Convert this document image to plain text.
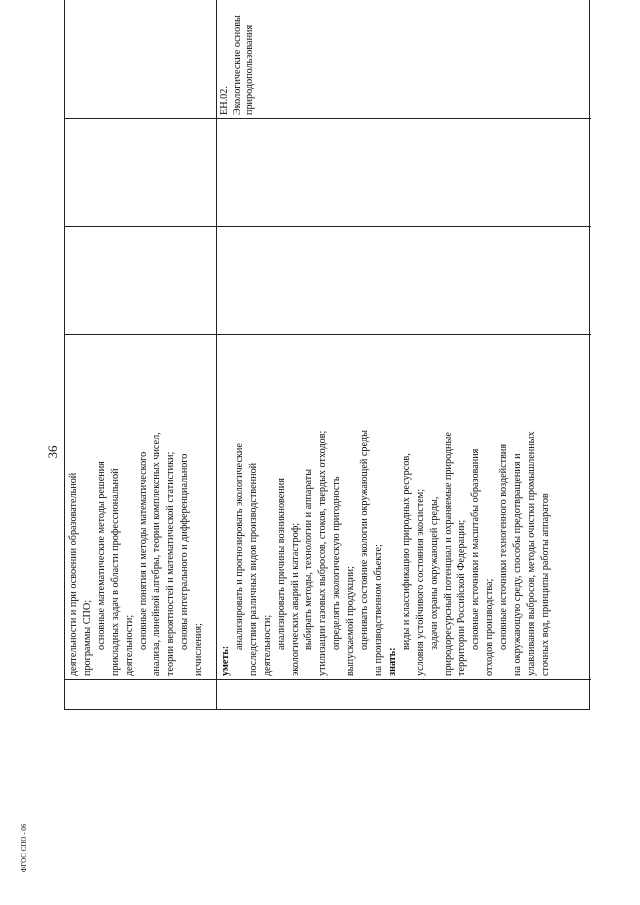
36
ФГОС СПО - 06
деятельности и при освоении образовательной программы СПО; основные математические методы решения прикладных задач в области профессиональной деятельности; основные понятия и методы математического анализа, линейной алгебры, теории комплексных чисел, теории вероятностей и математической статистики; основы интегрального и дифференциального исчисления; уметь:
анализировать и прогнозировать экологические последствия различных видов производственной деятельности; анализировать причины возникновения экологических аварий и катастроф; выбирать методы, технологии и аппараты утилизации газовых выбросов, стоков, твердых отходов; определять экологическую пригодность выпускаемой продукции; оценивать состояние экологии окружающей среды на производственном объекте; знать:
виды и классификацию природных ресурсов, условия устойчивого состояния экосистем; задачи охраны окружающей среды, природоресурсный потенциал и охраняемые природные территории Российской Федерации; основные источники и масштабы образования отходов производства; основные источники техногенного воздействия на окружающую среду, способы предотвращения и улавливания выбросов, методы очистки промышленных сточных вод, принципы работы аппаратов
ЕН.02. Экологические основы природопользования
